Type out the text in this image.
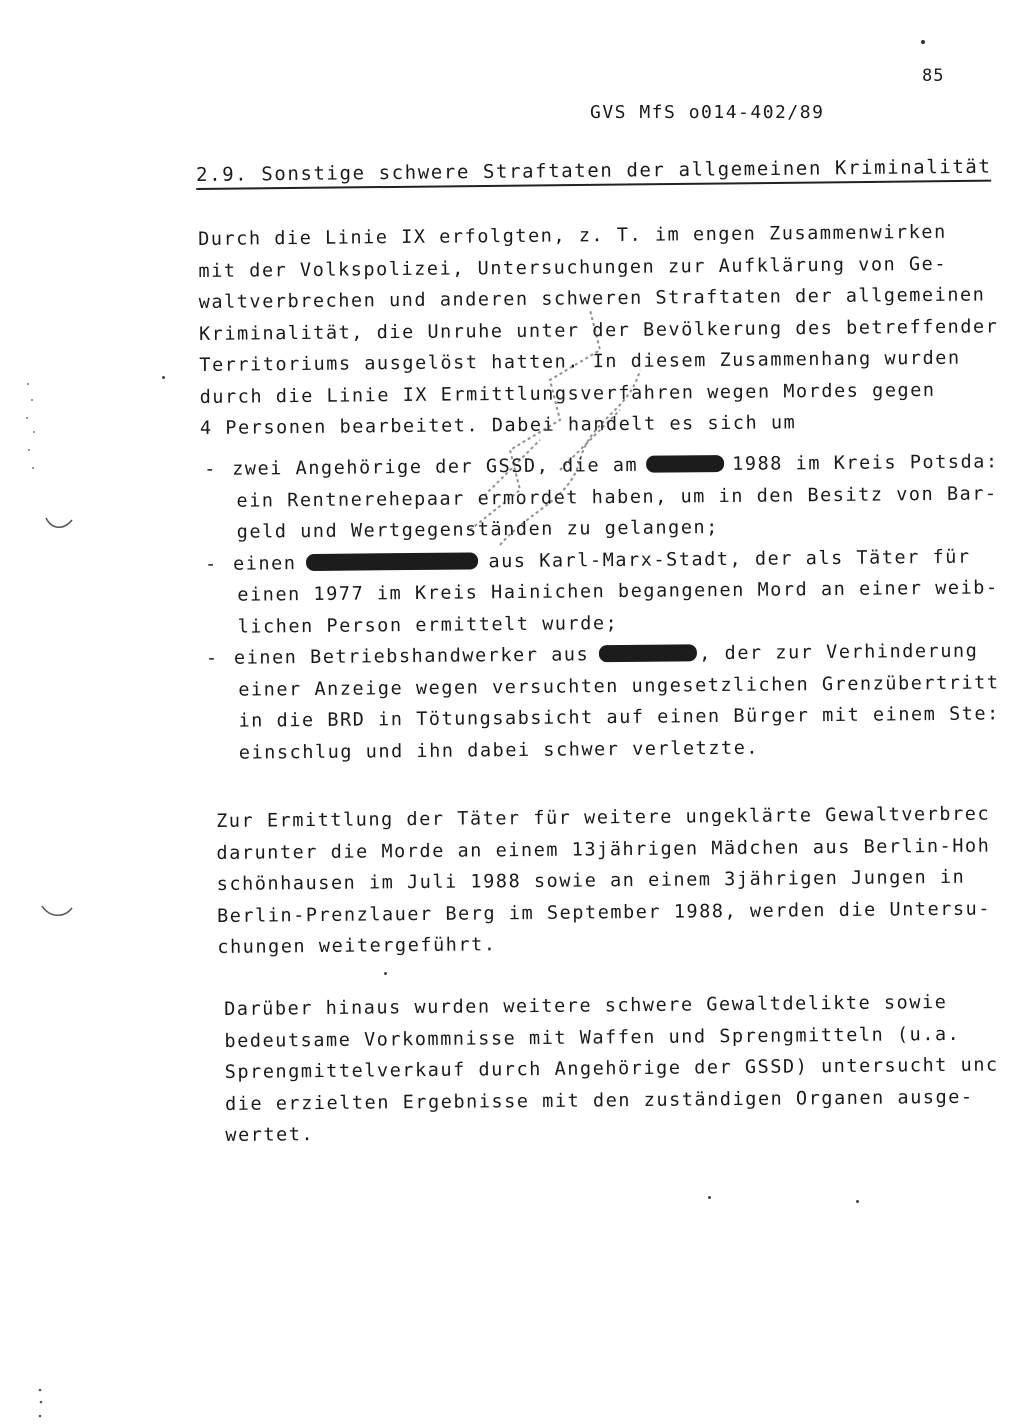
85
GVS MfS o014-402/89
2.9. Sonstige schwere Straftaten der allgemeinen Kriminalität
Durch die Linie IX erfolgten, z. T. im engen Zusammenwirken
mit der Volkspolizei, Untersuchungen zur Aufklärung von Ge-
waltverbrechen und anderen schweren Straftaten der allgemeinen
Kriminalität, die Unruhe unter der Bevölkerung des betreffender
Territoriums ausgelöst hatten. In diesem Zusammenhang wurden
durch die Linie IX Ermittlungsverfahren wegen Mordes gegen
4 Personen bearbeitet. Dabei handelt es sich um
- zwei Angehörige der GSSD, die am	1988 im Kreis Potsda:
ein Rentnerehepaar ermordet haben, um in den Besitz von Bar-
geld und Wertgegenständen zu gelangen;
- einen	aus Karl-Marx-Stadt, der als Täter für
einen 1977 im Kreis Hainichen begangenen Mord an einer weib-
lichen Person ermittelt wurde;
- einen Betriebshandwerker aus	, der zur Verhinderung
einer Anzeige wegen versuchten ungesetzlichen Grenzübertritt
in die BRD in Tötungsabsicht auf einen Bürger mit einem Ste:
einschlug und ihn dabei schwer verletzte.
Zur Ermittlung der Täter für weitere ungeklärte Gewaltverbrec
darunter die Morde an einem 13jährigen Mädchen aus Berlin-Hoh
schönhausen im Juli 1988 sowie an einem 3jährigen Jungen in
Berlin-Prenzlauer Berg im September 1988, werden die Untersu-
chungen weitergeführt.
Darüber hinaus wurden weitere schwere Gewaltdelikte sowie
bedeutsame Vorkommnisse mit Waffen und Sprengmitteln (u.a.
Sprengmittelverkauf durch Angehörige der GSSD) untersucht unc
die erzielten Ergebnisse mit den zuständigen Organen ausge-
wertet.
